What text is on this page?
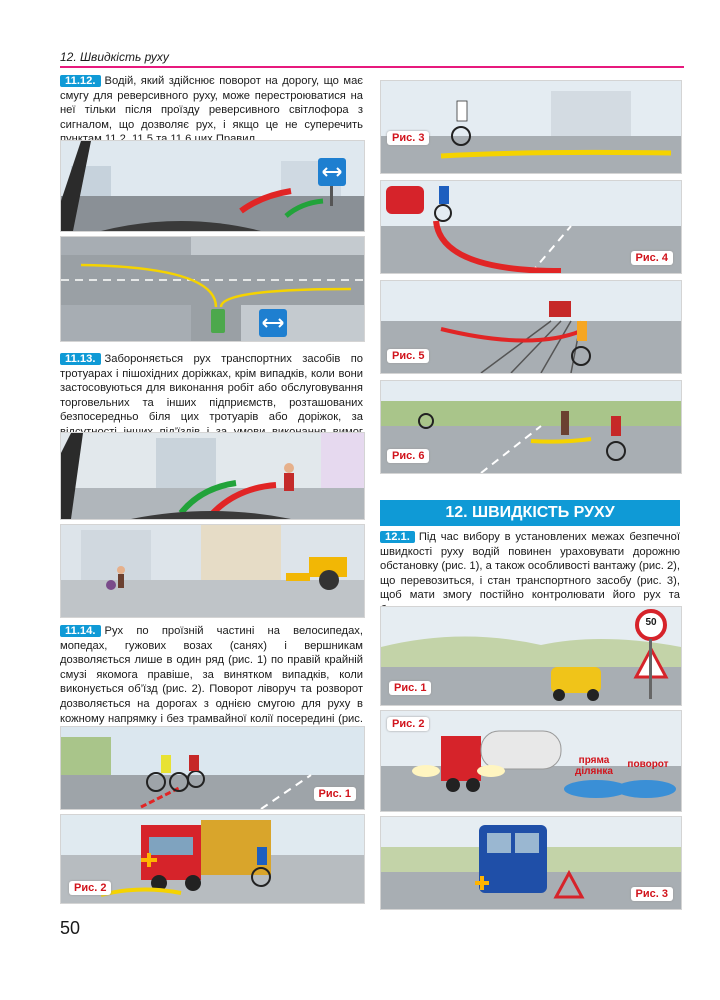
12. Швидкість руху
11.12. Водій, який здійснює поворот на дорогу, що має смугу для реверсивного руху, може перестроюватися на неї тільки після проїзду реверсивного світлофора з сигналом, що дозволяє рух, і якщо це не суперечить
11.13. Забороняється рух транспортних засобів по тротуарах і пішохідних доріжках, крім випадків, коли вони застосовуються для виконання робіт або обслуговування торговельних та інших підприємств, розташованих безпосередньо біля цих тротуарів або доріжок, за
11.14. Рух по проїзній частині на велосипедах, мопедах, гужових возах (санях) і вершникам дозволяється лише в один ряд (рис. 1) по правій крайній смузі якомога правіше, за винятком випадків, коли виконується об’їзд (рис. 2). Поворот ліворуч та розворот дозволяється на дорогах з однією смугою для руху в кожному напрямку і без трамвайної колії посередині (рис.
Рис. 1
Рис. 2
Рис. 3
Рис. 4
Рис. 5
Рис. 6
12. ШВИДКІСТЬ РУХУ
12.1. Під час вибору в установлених межах безпечної швидкості руху водій повинен ураховувати дорожню обстановку (рис. 1), а також особливості вантажу (рис. 2), що перевозиться, і стан транспортного засобу (рис. 3), щоб мати змогу постійно контролювати його рух та
50
Рис. 1
пряма ділянка
поворот
Рис. 2
Рис. 3
50
